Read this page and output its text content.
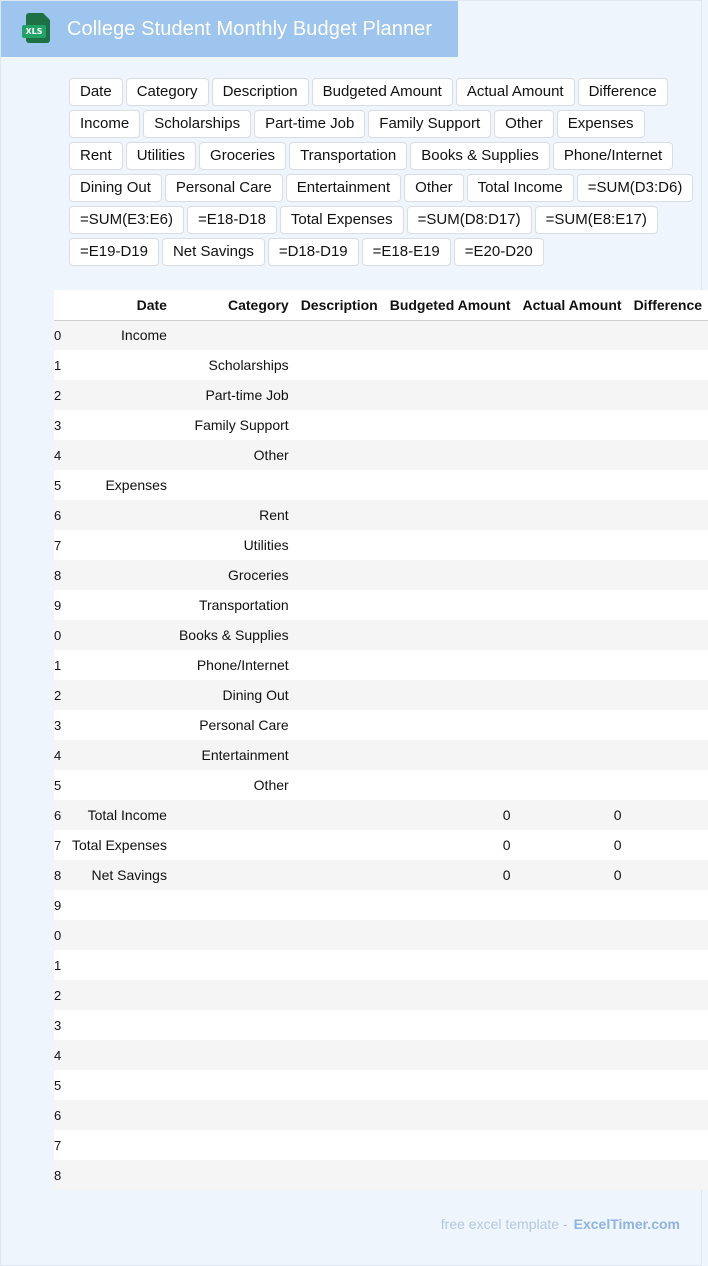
XLS College Student Monthly Budget Planner
Date	Category	Description	Budgeted Amount	Actual Amount	Difference
Income	Scholarships	Part-time Job	Family Support	Other	Expenses
Rent	Utilities	Groceries	Transportation	Books & Supplies	Phone/Internet
Dining Out	Personal Care	Entertainment	Other	Total Income	=SUM(D3:D6)
=SUM(E3:E6)	=E18-D18	Total Expenses	=SUM(D8:D17)	=SUM(E8:E17)
=E19-D19	Net Savings	=D18-D19	=E18-E19	=E20-D20
	Date	Category	Description	Budgeted Amount	Actual Amount	Difference
0	Income					
1		Scholarships				
2		Part-time Job				
3		Family Support				
4		Other				
5	Expenses					
6		Rent				
7		Utilities				
8		Groceries				
9		Transportation				
0		Books & Supplies				
1		Phone/Internet				
2		Dining Out				
3		Personal Care				
4		Entertainment				
5		Other				
6	Total Income			0	0	
7	Total Expenses			0	0	
8	Net Savings			0	0	
9						
0						
1						
2						
3						
4						
5						
6						
7						
8						
free excel template - ExcelTimer.com
